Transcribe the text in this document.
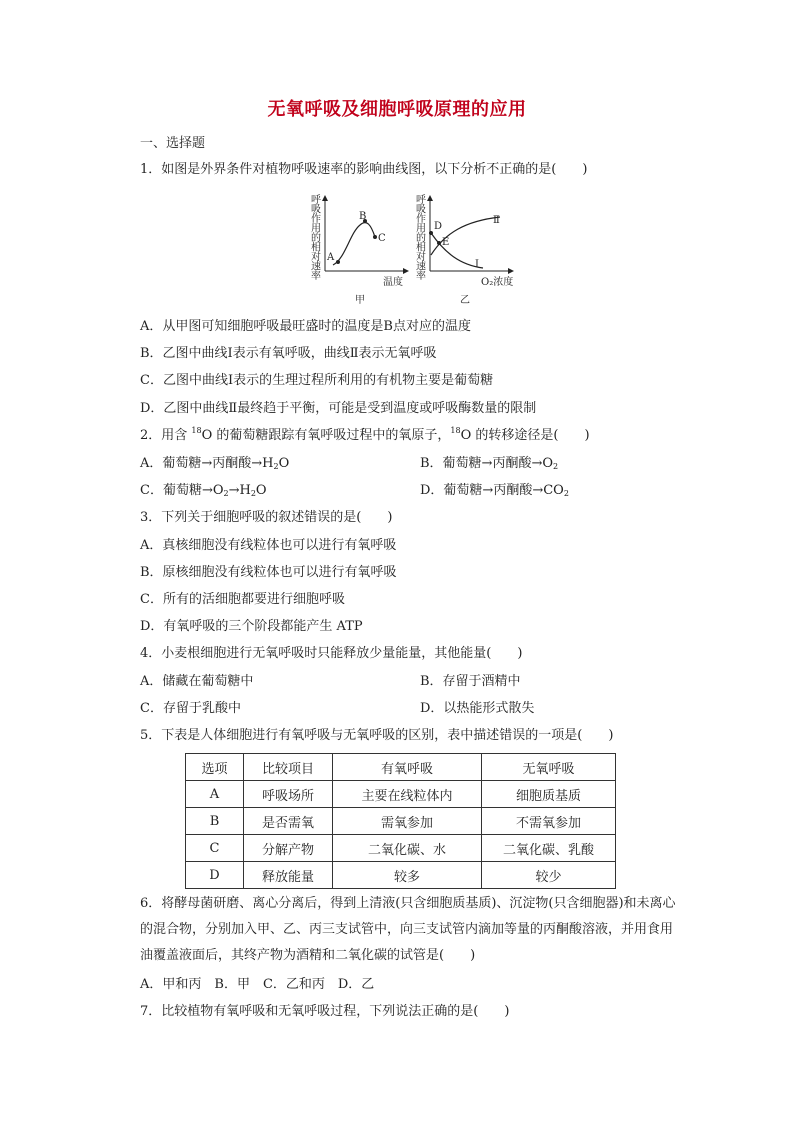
无氧呼吸及细胞呼吸原理的应用
一、选择题
1．如图是外界条件对植物呼吸速率的影响曲线图，以下分析不正确的是(　　)
呼
吸
作
用
的
相
对
速
率
A
B
C
温度
甲
呼
吸
作
用
的
相
对
速
率
D
E
Ⅱ
Ⅰ
O₂浓度
乙
A．从甲图可知细胞呼吸最旺盛时的温度是B点对应的温度
B．乙图中曲线Ⅰ表示有氧呼吸，曲线Ⅱ表示无氧呼吸
C．乙图中曲线Ⅰ表示的生理过程所利用的有机物主要是葡萄糖
D．乙图中曲线Ⅱ最终趋于平衡，可能是受到温度或呼吸酶数量的限制
2．用含 $^{18}$O 的葡萄糖跟踪有氧呼吸过程中的氧原子，$^{18}$O 的转移途径是(　　)
A．葡萄糖→丙酮酸$\to H_2O$	B．葡萄糖→丙酮酸$\to O_2$
C．葡萄糖$\to O_2\to H_2O$	D．葡萄糖→丙酮酸$\to CO_2$
3．下列关于细胞呼吸的叙述错误的是(　　)
A．真核细胞没有线粒体也可以进行有氧呼吸
B．原核细胞没有线粒体也可以进行有氧呼吸
C．所有的活细胞都要进行细胞呼吸
D．有氧呼吸的三个阶段都能产生 ATP
4．小麦根细胞进行无氧呼吸时只能释放少量能量，其他能量(　　)
A．储藏在葡萄糖中	B．存留于酒精中
C．存留于乳酸中	D．以热能形式散失
5．下表是人体细胞进行有氧呼吸与无氧呼吸的区别，表中描述错误的一项是(　　)
选项	比较项目	有氧呼吸	无氧呼吸
A	呼吸场所	主要在线粒体内	细胞质基质
B	是否需氧	需氧参加	不需氧参加
C	分解产物	二氧化碳、水	二氧化碳、乳酸
D	释放能量	较多	较少
6．将酵母菌研磨、离心分离后，得到上清液(只含细胞质基质)、沉淀物(只含细胞器)和未离心的混合物，分别加入甲、乙、丙三支试管中，向三支试管内滴加等量的丙酮酸溶液，并用食用油覆盖液面后，其终产物为酒精和二氧化碳的试管是(　　)
A．甲和丙　B．甲　C．乙和丙　D．乙
7．比较植物有氧呼吸和无氧呼吸过程，下列说法正确的是(　　)
